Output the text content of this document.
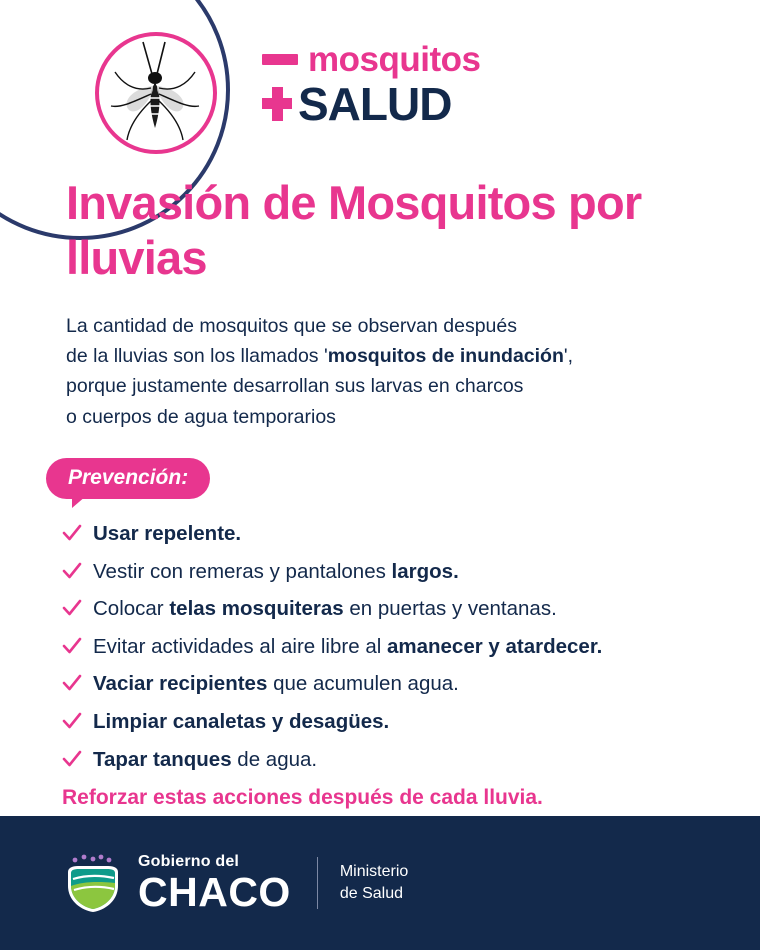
mosquitos
SALUD
Invasión de Mosquitos por lluvias

La cantidad de mosquitos que se observan después
de la lluvias son los llamados 'mosquitos de inundación',
porque justamente desarrollan sus larvas en charcos
o cuerpos de agua temporarios

Prevención:
Usar repelente.
Vestir con remeras y pantalones largos.
Colocar telas mosquiteras en puertas y ventanas.
Evitar actividades al aire libre al amanecer y atardecer.
Vaciar recipientes que acumulen agua.
Limpiar canaletas y desagües.
Tapar tanques de agua.
Reforzar estas acciones después de cada lluvia.
Gobierno del
CHACO	Ministerio
de Salud
